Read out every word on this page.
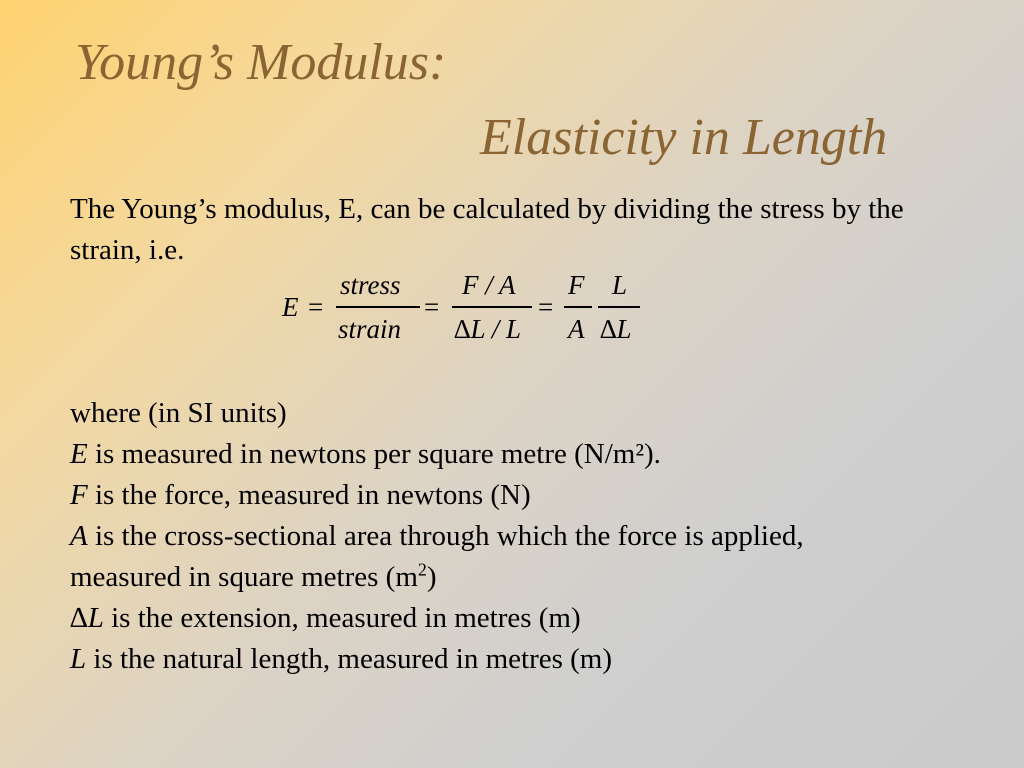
Young’s Modulus:
Elasticity in Length
The Young’s modulus, E, can be calculated by dividing the stress by the strain, i.e.
E =
stress
strain
=
F / A
∆L / L
=
F
A
L
∆L
where (in SI units)
E is measured in newtons per square metre (N/m²).
F is the force, measured in newtons (N)
A is the cross-sectional area through which the force is applied,
measured in square metres $(m^2)$
∆L is the extension, measured in metres (m)
L is the natural length, measured in metres (m)
